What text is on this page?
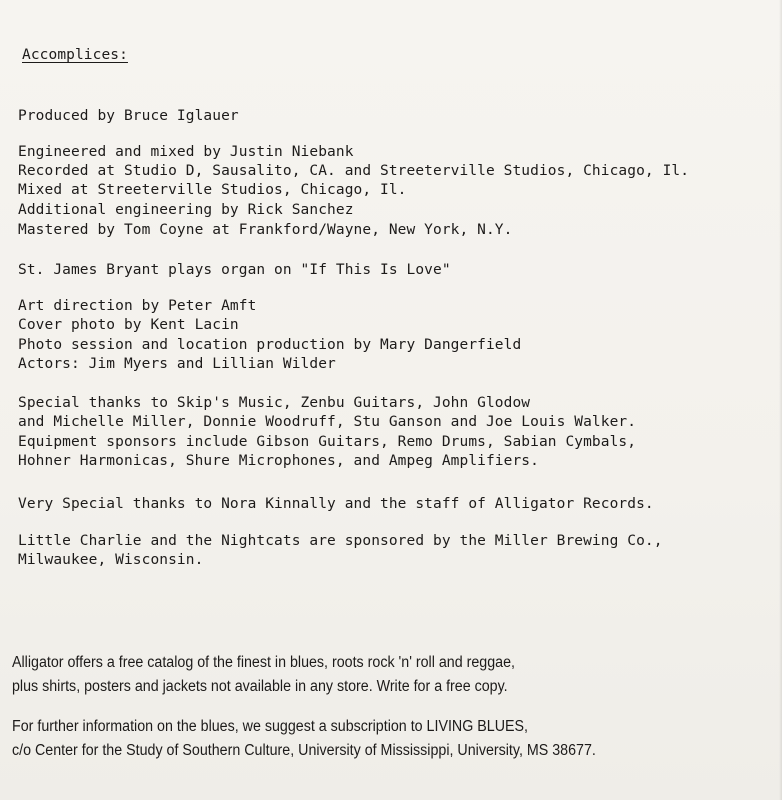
Accomplices:
Produced by Bruce Iglauer
Engineered and mixed by Justin Niebank
Recorded at Studio D, Sausalito, CA. and Streeterville Studios, Chicago, Il.
Mixed at Streeterville Studios, Chicago, Il.
Additional engineering by Rick Sanchez
Mastered by Tom Coyne at Frankford/Wayne, New York, N.Y.
St. James Bryant plays organ on "If This Is Love"
Art direction by Peter Amft
Cover photo by Kent Lacin
Photo session and location production by Mary Dangerfield
Actors: Jim Myers and Lillian Wilder
Special thanks to Skip's Music, Zenbu Guitars, John Glodow
and Michelle Miller, Donnie Woodruff, Stu Ganson and Joe Louis Walker.
Equipment sponsors include Gibson Guitars, Remo Drums, Sabian Cymbals,
Hohner Harmonicas, Shure Microphones, and Ampeg Amplifiers.
Very Special thanks to Nora Kinnally and the staff of Alligator Records.
Little Charlie and the Nightcats are sponsored by the Miller Brewing Co.,
Milwaukee, Wisconsin.
Alligator offers a free catalog of the finest in blues, roots rock 'n' roll and reggae,
plus shirts, posters and jackets not available in any store. Write for a free copy.
For further information on the blues, we suggest a subscription to LIVING BLUES,
c/o Center for the Study of Southern Culture, University of Mississippi, University, MS 38677.
